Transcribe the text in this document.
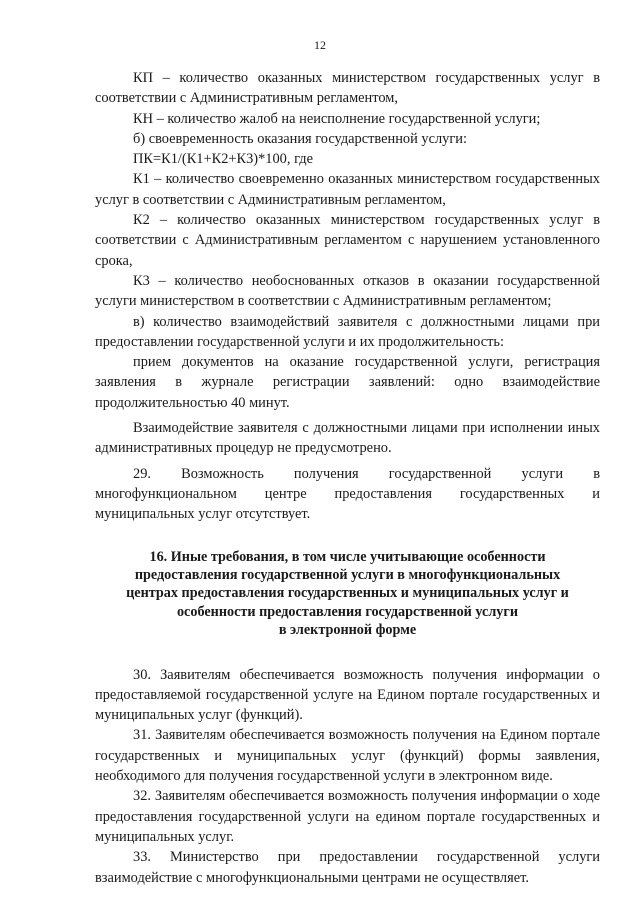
12

КП – количество оказанных министерством государственных услуг в соответствии с Административным регламентом,

КН – количество жалоб на неисполнение государственной услуги;

б) своевременность оказания государственной услуги:

ПК=К1/(К1+К2+К3)*100, где

К1 – количество своевременно оказанных министерством государственных услуг в соответствии с Административным регламентом,

К2 – количество оказанных министерством государственных услуг в соответствии с Административным регламентом с нарушением установленного срока,

К3 – количество необоснованных отказов в оказании государственной услуги министерством в соответствии с Административным регламентом;

в) количество взаимодействий заявителя с должностными лицами при предоставлении государственной услуги и их продолжительность:

прием документов на оказание государственной услуги, регистрация заявления в журнале регистрации заявлений: одно взаимодействие продолжительностью 40 минут.

Взаимодействие заявителя с должностными лицами при исполнении иных административных процедур не предусмотрено.

29. Возможность получения государственной услуги в многофункциональном центре предоставления государственных и муниципальных услуг отсутствует.

16. Иные требования, в том числе учитывающие особенности
предоставления государственной услуги в многофункциональных
центрах предоставления государственных и муниципальных услуг и
особенности предоставления государственной услуги
в электронной форме

30. Заявителям обеспечивается возможность получения информации о предоставляемой государственной услуге на Едином портале государственных и муниципальных услуг (функций).

31. Заявителям обеспечивается возможность получения на Едином портале государственных и муниципальных услуг (функций) формы заявления, необходимого для получения государственной услуги в электронном виде.

32. Заявителям обеспечивается возможность получения информации о ходе предоставления государственной услуги на едином портале государственных и муниципальных услуг.

33. Министерство при предоставлении государственной услуги взаимодействие с многофункциональными центрами не осуществляет.
